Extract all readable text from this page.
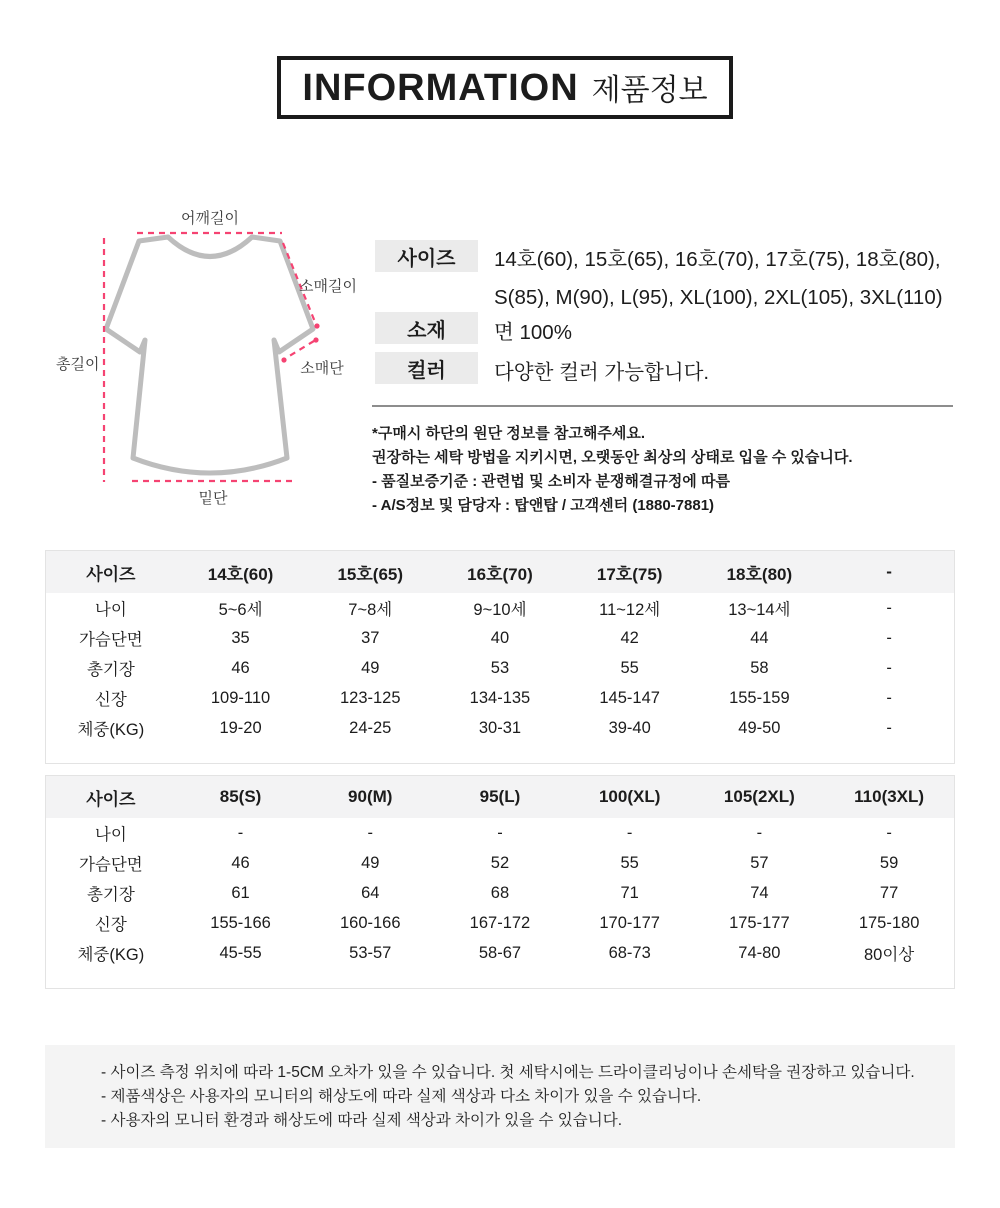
INFORMATION 제품정보
어깨길이
소매길이
소매단
총길이
밑단
사이즈	14호(60), 15호(65), 16호(70), 17호(75), 18호(80),
S(85), M(90), L(95), XL(100), 2XL(105), 3XL(110)
소재	면 100%
컬러	다양한 컬러 가능합니다.

*구매시 하단의 원단 정보를 참고해주세요.

권장하는 세탁 방법을 지키시면, 오랫동안 최상의 상태로 입을 수 있습니다.

- 품질보증기준 : 관련법 및 소비자 분쟁해결규정에 따름

- A/S정보 및 담당자 : 탑앤탑 / 고객센터 (1880-7881)

사이즈	14호(60)	15호(65)	16호(70)	17호(75)	18호(80)	-
나이	5~6세	7~8세	9~10세	11~12세	13~14세	-
가슴단면	35	37	40	42	44	-
총기장	46	49	53	55	58	-
신장	109-110	123-125	134-135	145-147	155-159	-
체중(KG)	19-20	24-25	30-31	39-40	49-50	-
사이즈	85(S)	90(M)	95(L)	100(XL)	105(2XL)	110(3XL)
나이	-	-	-	-	-	-
가슴단면	46	49	52	55	57	59
총기장	61	64	68	71	74	77
신장	155-166	160-166	167-172	170-177	175-177	175-180
체중(KG)	45-55	53-57	58-67	68-73	74-80	80이상

- 사이즈 측정 위치에 따라 1-5CM 오차가 있을 수 있습니다. 첫 세탁시에는 드라이클리닝이나 손세탁을 권장하고 있습니다.

- 제품색상은 사용자의 모니터의 해상도에 따라 실제 색상과 다소 차이가 있을 수 있습니다.

- 사용자의 모니터 환경과 해상도에 따라 실제 색상과 차이가 있을 수 있습니다.
